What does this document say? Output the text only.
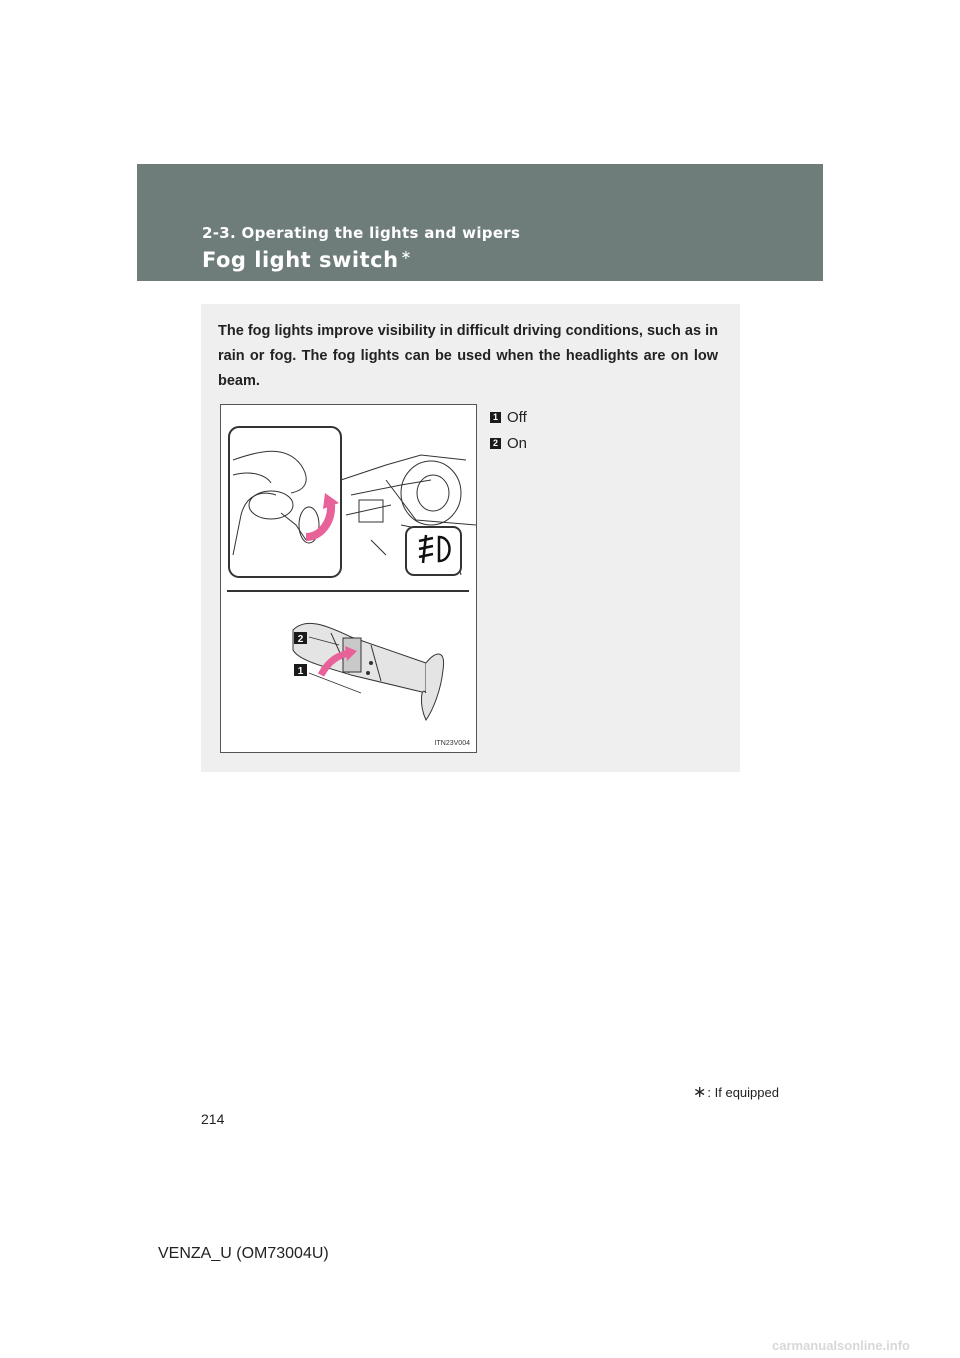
2-3. Operating the lights and wipers
Fog light switch ∗
The fog lights improve visibility in difficult driving conditions, such as in rain or fog. The fog lights can be used when the headlights are on low beam.
2
1
ITN23V004
1 Off
2 On
∗ : If equipped
214
VENZA_U (OM73004U)
carmanualsonline.info
